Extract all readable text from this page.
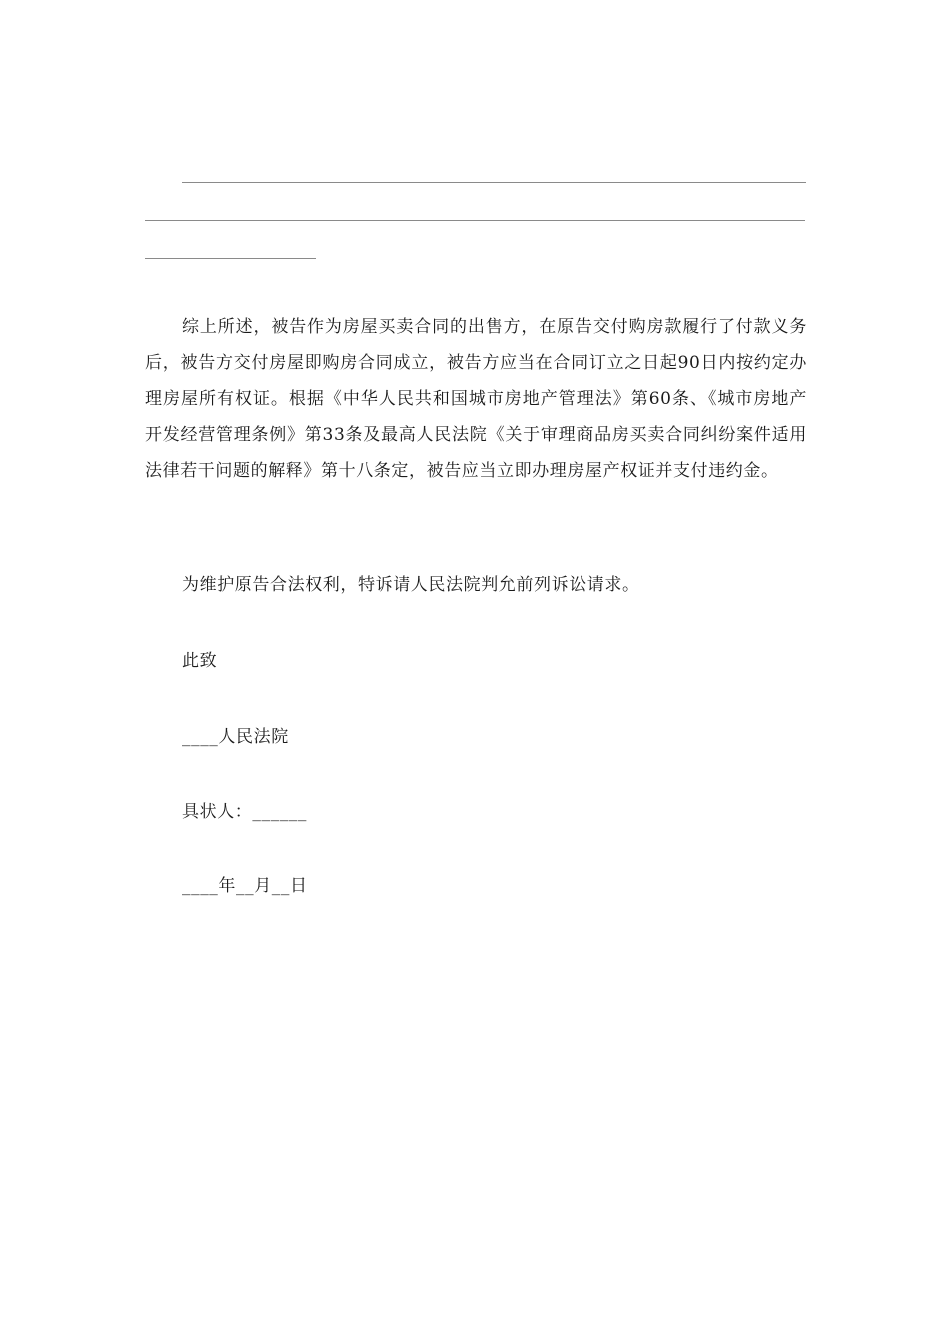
综上所述，被告作为房屋买卖合同的出售方，在原告交付购房款履行了付款义务后，被告方交付房屋即购房合同成立，被告方应当在合同订立之日起90日内按约定办理房屋所有权证。根据《中华人民共和国城市房地产管理法》第60条、《城市房地产开发经营管理条例》第33条及最高人民法院《关于审理商品房买卖合同纠纷案件适用法律若干问题的解释》第十八条定，被告应当立即办理房屋产权证并支付违约金。

为维护原告合法权利，特诉请人民法院判允前列诉讼请求。

此致

____人民法院

具状人：______

____年__月__日
